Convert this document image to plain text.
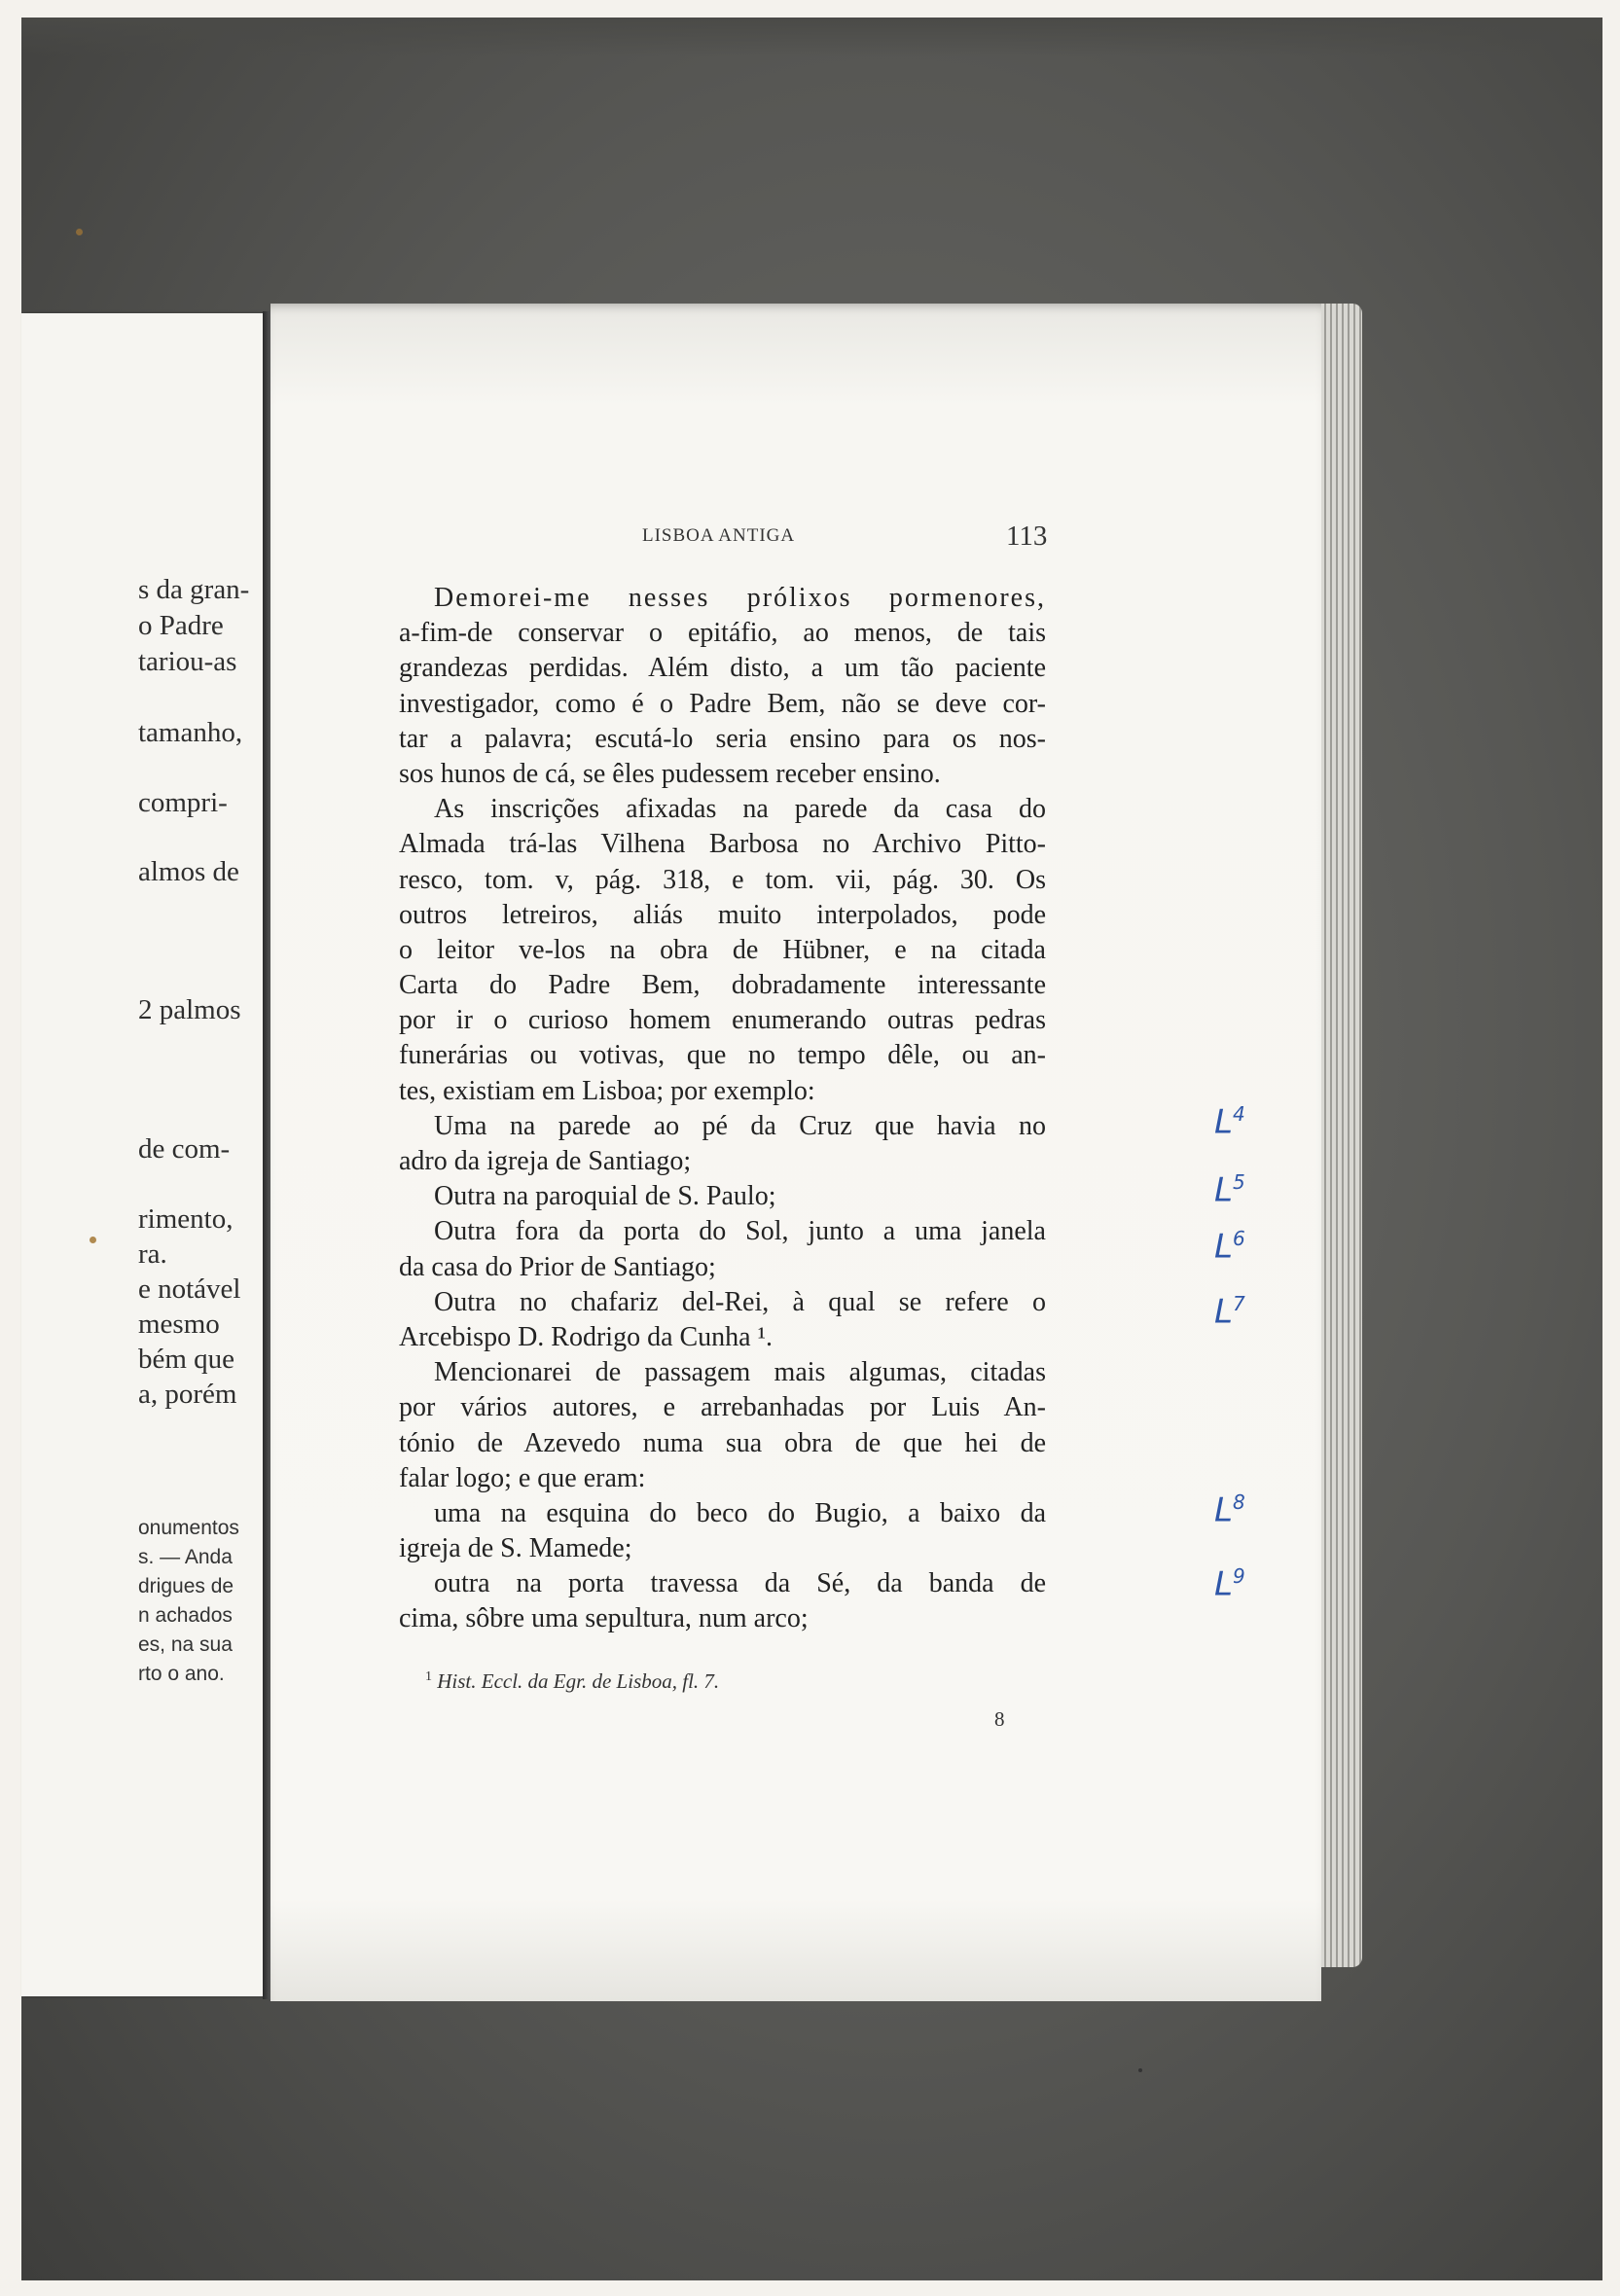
s da gran-
o Padre
tariou-as
tamanho,
compri-
almos de
2 palmos
de com-
rimento,
ra.
e notável
mesmo
bém que
a, porém
onumentos
s. — Anda
drigues de
n achados
es, na sua
rto o ano.
LISBOA ANTIGA	113
Demorei-me nesses prólixos pormenores,
a-fim-de conservar o epitáfio, ao menos, de tais
grandezas perdidas. Além disto, a um tão paciente
investigador, como é o Padre Bem, não se deve cor-
tar a palavra; escutá-lo seria ensino para os nos-
sos hunos de cá, se êles pudessem receber ensino.
As inscrições afixadas na parede da casa do
Almada trá-las Vilhena Barbosa no Archivo Pitto-
resco, tom. v, pág. 318, e tom. vii, pág. 30. Os
outros letreiros, aliás muito interpolados, pode
o leitor ve-los na obra de Hübner, e na citada
Carta do Padre Bem, dobradamente interessante
por ir o curioso homem enumerando outras pedras
funerárias ou votivas, que no tempo dêle, ou an-
tes, existiam em Lisboa; por exemplo:
Uma na parede ao pé da Cruz que havia no
adro da igreja de Santiago;
Outra na paroquial de S. Paulo;
Outra fora da porta do Sol, junto a uma janela
da casa do Prior de Santiago;
Outra no chafariz del-Rei, à qual se refere o
Arcebispo D. Rodrigo da Cunha ¹.
Mencionarei de passagem mais algumas, citadas
por vários autores, e arrebanhadas por Luis An-
tónio de Azevedo numa sua obra de que hei de
falar logo; e que eram:
uma na esquina do beco do Bugio, a baixo da
igreja de S. Mamede;
outra na porta travessa da Sé, da banda de
cima, sôbre uma sepultura, num arco;
$^1$ Hist. Eccl. da Egr. de Lisboa, fl. 7.
8
$L^4$
$L^5$
$L^6$
$L^7$
$L^8$
$L^9$
